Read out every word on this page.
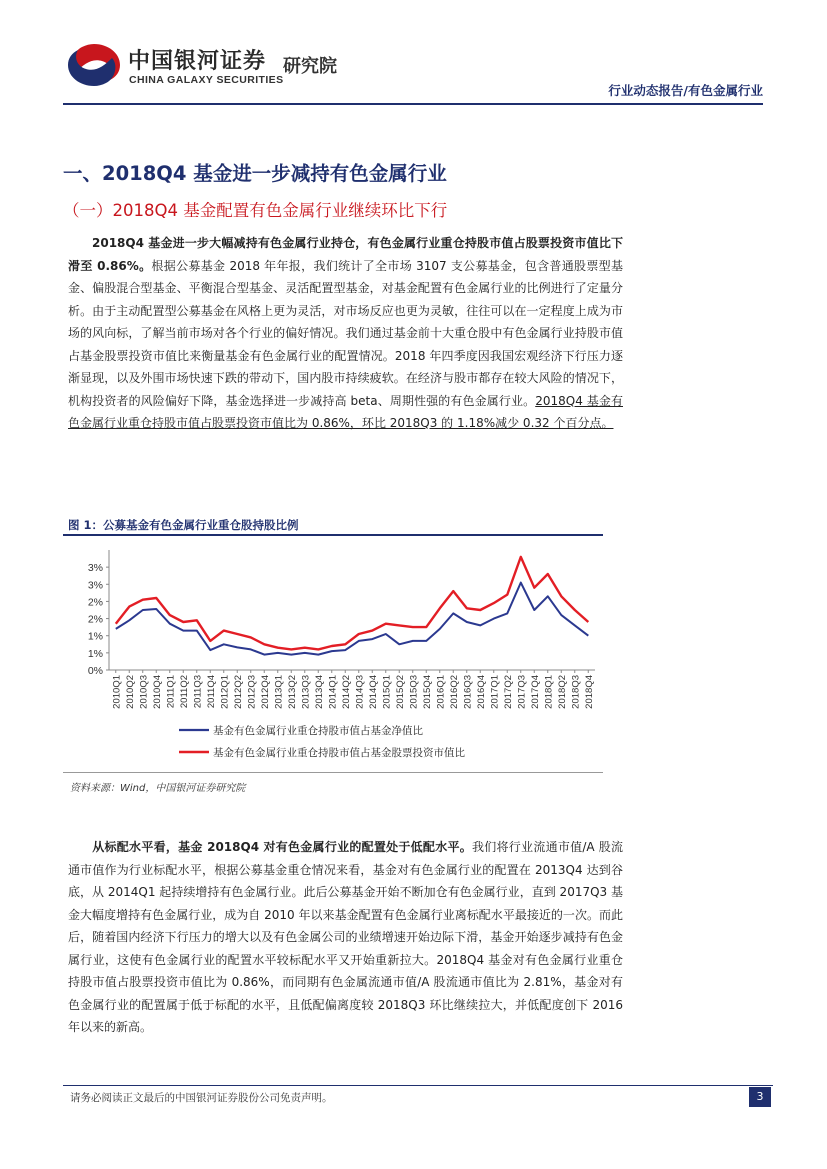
中国银河证券
CHINA GALAXY SECURITIES
研究院
行业动态报告/有色金属行业
一、2018Q4 基金进一步减持有色金属行业
（一）2018Q4 基金配置有色金属行业继续环比下行
2018Q4 基金进一步大幅减持有色金属行业持仓，有色金属行业重仓持股市值占股票投资市值比下滑至 0.86%。根据公募基金 2018 年年报，我们统计了全市场 3107 支公募基金，包含普通股票型基金、偏股混合型基金、平衡混合型基金、灵活配置型基金，对基金配置有色金属行业的比例进行了定量分析。由于主动配置型公募基金在风格上更为灵活，对市场反应也更为灵敏，往往可以在一定程度上成为市场的风向标，了解当前市场对各个行业的偏好情况。我们通过基金前十大重仓股中有色金属行业持股市值占基金股票投资市值比来衡量基金有色金属行业的配置情况。2018 年四季度因我国宏观经济下行压力逐渐显现，以及外围市场快速下跌的带动下，国内股市持续疲软。在经济与股市都存在较大风险的情况下，机构投资者的风险偏好下降，基金选择进一步减持高 beta、周期性强的有色金属行业。2018Q4 基金有色金属行业重仓持股市值占股票投资市值比为 0.86%，环比 2018Q3 的 1.18%减少 0.32 个百分点。
图 1：公募基金有色金属行业重仓股持股比例
0%
1%
1%
2%
2%
3%
3%
2010Q1 2010Q2 2010Q3 2010Q4 2011Q1 2011Q2 2011Q3 2011Q4 2012Q1 2012Q2 2012Q3 2012Q4 2013Q1 2013Q2 2013Q3 2013Q4 2014Q1 2014Q2 2014Q3 2014Q4 2015Q1 2015Q2 2015Q3 2015Q4 2016Q1 2016Q2 2016Q3 2016Q4 2017Q1 2017Q2 2017Q3 2017Q4 2018Q1 2018Q2 2018Q3 2018Q4
基金有色金属行业重仓持股市值占基金净值比
基金有色金属行业重仓持股市值占基金股票投资市值比
资料来源：Wind，中国银河证券研究院
从标配水平看，基金 2018Q4 对有色金属行业的配置处于低配水平。我们将行业流通市值/A 股流通市值作为行业标配水平，根据公募基金重仓情况来看，基金对有色金属行业的配置在 2013Q4 达到谷底，从 2014Q1 起持续增持有色金属行业。此后公募基金开始不断加仓有色金属行业，直到 2017Q3 基金大幅度增持有色金属行业，成为自 2010 年以来基金配置有色金属行业离标配水平最接近的一次。而此后，随着国内经济下行压力的增大以及有色金属公司的业绩增速开始边际下滑，基金开始逐步减持有色金属行业，这使有色金属行业的配置水平较标配水平又开始重新拉大。2018Q4 基金对有色金属行业重仓持股市值占股票投资市值比为 0.86%，而同期有色金属流通市值/A 股流通市值比为 2.81%，基金对有色金属行业的配置属于低于标配的水平，且低配偏离度较 2018Q3 环比继续拉大，并低配度创下 2016 年以来的新高。
请务必阅读正文最后的中国银河证券股份公司免责声明。	3
